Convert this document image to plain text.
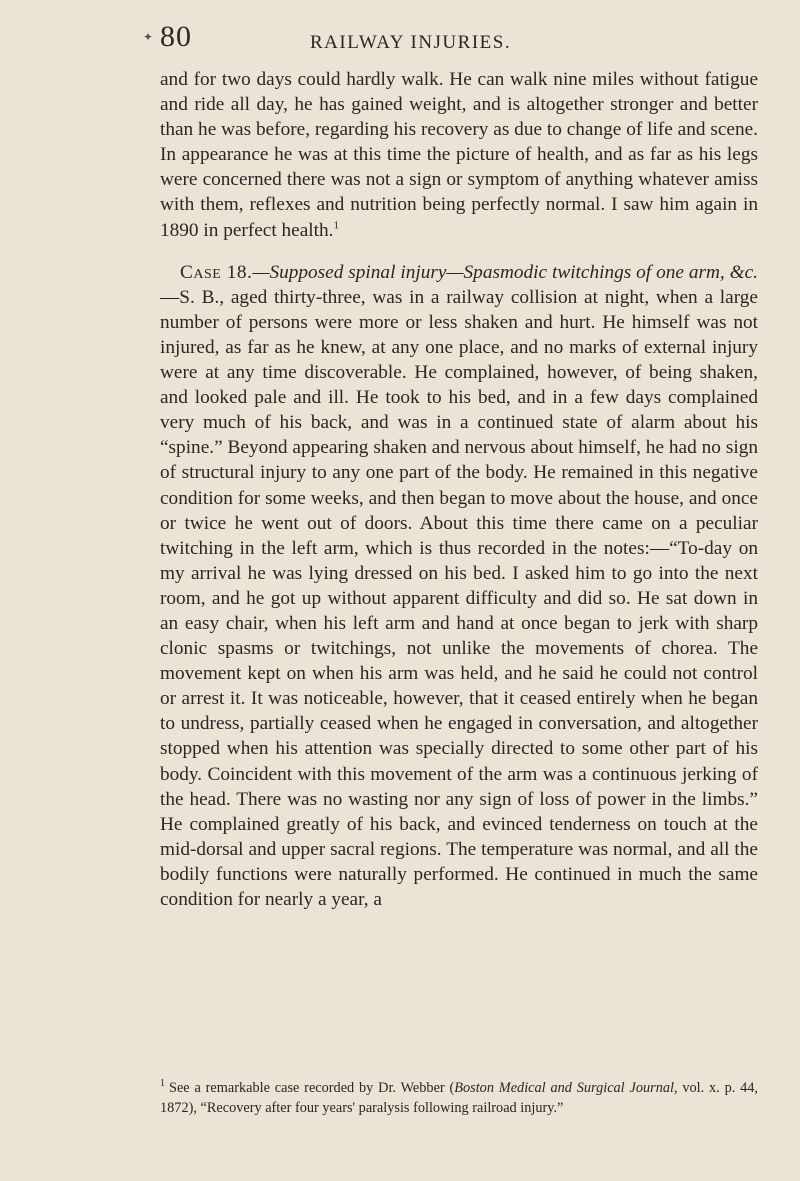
✦ 80	RAILWAY INJURIES.

and for two days could hardly walk. He can walk nine miles without fatigue and ride all day, he has gained weight, and is altogether stronger and better than he was before, regarding his recovery as due to change of life and scene. In appearance he was at this time the picture of health, and as far as his legs were concerned there was not a sign or symptom of anything whatever amiss with them, reflexes and nutrition being perfectly normal. I saw him again in 1890 in perfect health.$^1$

Case 18.—Supposed spinal injury—Spasmodic twitchings of one arm, &c.—S. B., aged thirty-three, was in a railway collision at night, when a large number of persons were more or less shaken and hurt. He himself was not injured, as far as he knew, at any one place, and no marks of external injury were at any time discoverable. He complained, however, of being shaken, and looked pale and ill. He took to his bed, and in a few days complained very much of his back, and was in a continued state of alarm about his “spine.” Beyond appearing shaken and nervous about himself, he had no sign of structural injury to any one part of the body. He remained in this negative condition for some weeks, and then began to move about the house, and once or twice he went out of doors. About this time there came on a peculiar twitching in the left arm, which is thus recorded in the notes:—“To-day on my arrival he was lying dressed on his bed. I asked him to go into the next room, and he got up without apparent difficulty and did so. He sat down in an easy chair, when his left arm and hand at once began to jerk with sharp clonic spasms or twitchings, not unlike the movements of chorea. The movement kept on when his arm was held, and he said he could not control or arrest it. It was noticeable, however, that it ceased entirely when he began to undress, partially ceased when he engaged in conversation, and altogether stopped when his attention was specially directed to some other part of his body. Coincident with this movement of the arm was a continuous jerking of the head. There was no wasting nor any sign of loss of power in the limbs.” He complained greatly of his back, and evinced tenderness on touch at the mid-dorsal and upper sacral regions. The temperature was normal, and all the bodily functions were naturally performed. He continued in much the same condition for nearly a year, a

$^1$ See a remarkable case recorded by Dr. Webber (Boston Medical and Surgical Journal, vol. x. p. 44, 1872), “Recovery after four years' paralysis following railroad injury.”
